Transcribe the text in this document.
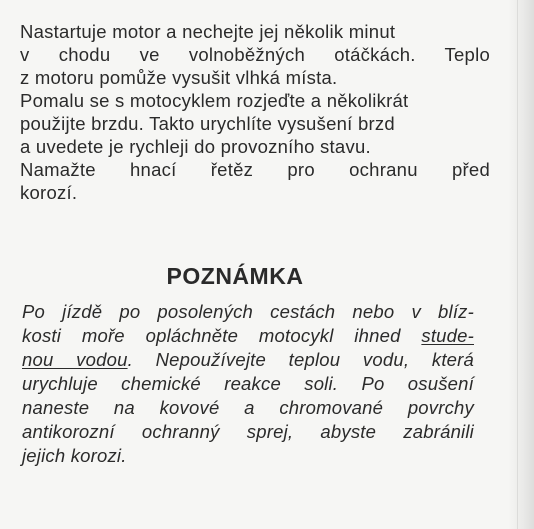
Nastartuje motor a nechejte jej několik minut
v chodu ve volnoběžných otáčkách. Teplo
z motoru pomůže vysušit vlhká místa.
Pomalu se s motocyklem rozjeďte a několikrát
použijte brzdu. Takto urychlíte vysušení brzd
a uvedete je rychleji do provozního stavu.
Namažte hnací řetěz pro ochranu před
korozí.
POZNÁMKA
Po jízdě po posolených cestách nebo v blíz-
kosti moře opláchněte motocykl ihned stude-
nou vodou. Nepoužívejte teplou vodu, která
urychluje chemické reakce soli. Po osušení
naneste na kovové a chromované povrchy
antikorozní ochranný sprej, abyste zabránili
jejich korozi.
